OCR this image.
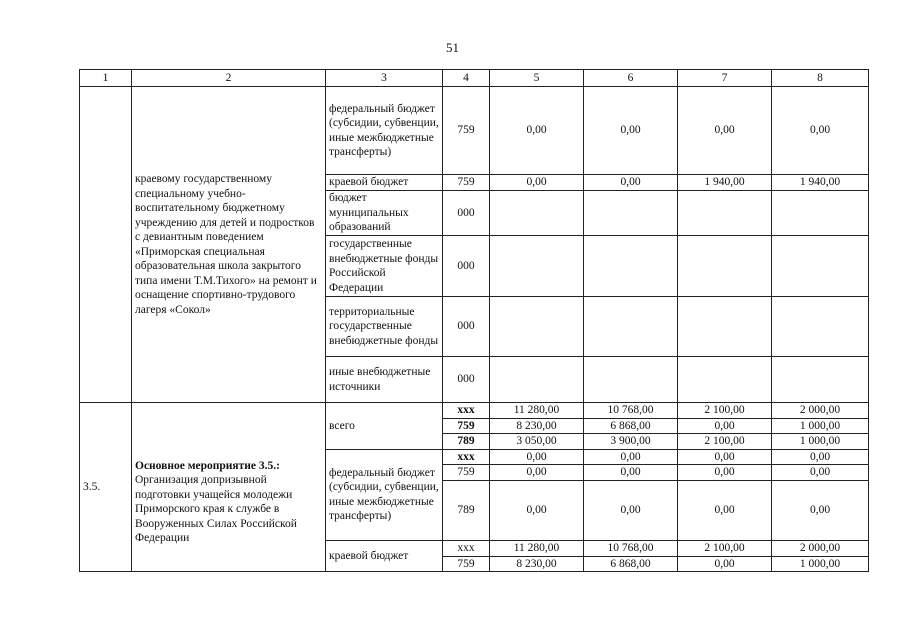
51
1	2	3	4	5	6	7	8
	краевому государственному специальному учебно-воспитательному бюджетному учреждению для детей и подростков с девиантным поведением «Приморская специальная образовательная школа закрытого типа имени Т.М.Тихого» на ремонт и оснащение спортивно-трудового лагеря «Сокол»	федеральный бюджет (субсидии, субвенции, иные межбюджетные трансферты)	759	0,00	0,00	0,00	0,00
		краевой бюджет	759	0,00	0,00	1 940,00	1 940,00
		бюджет муниципальных образований	000				
		государственные внебюджетные фонды Российской Федерации	000				
		территориальные государственные внебюджетные фонды	000				
		иные внебюджетные источники	000				
3.5.	Основное мероприятие 3.5.:
Организация допризывной подготовки учащейся молодежи Приморского края к службе в Вооруженных Силах Российской Федерации	всего	ххх	11 280,00	10 768,00	2 100,00	2 000,00
			759	8 230,00	6 868,00	0,00	1 000,00
			789	3 050,00	3 900,00	2 100,00	1 000,00
		федеральный бюджет (субсидии, субвенции, иные межбюджетные трансферты)	ххх	0,00	0,00	0,00	0,00
			759	0,00	0,00	0,00	0,00
			789	0,00	0,00	0,00	0,00
		краевой бюджет	ххх	11 280,00	10 768,00	2 100,00	2 000,00
			759	8 230,00	6 868,00	0,00	1 000,00
